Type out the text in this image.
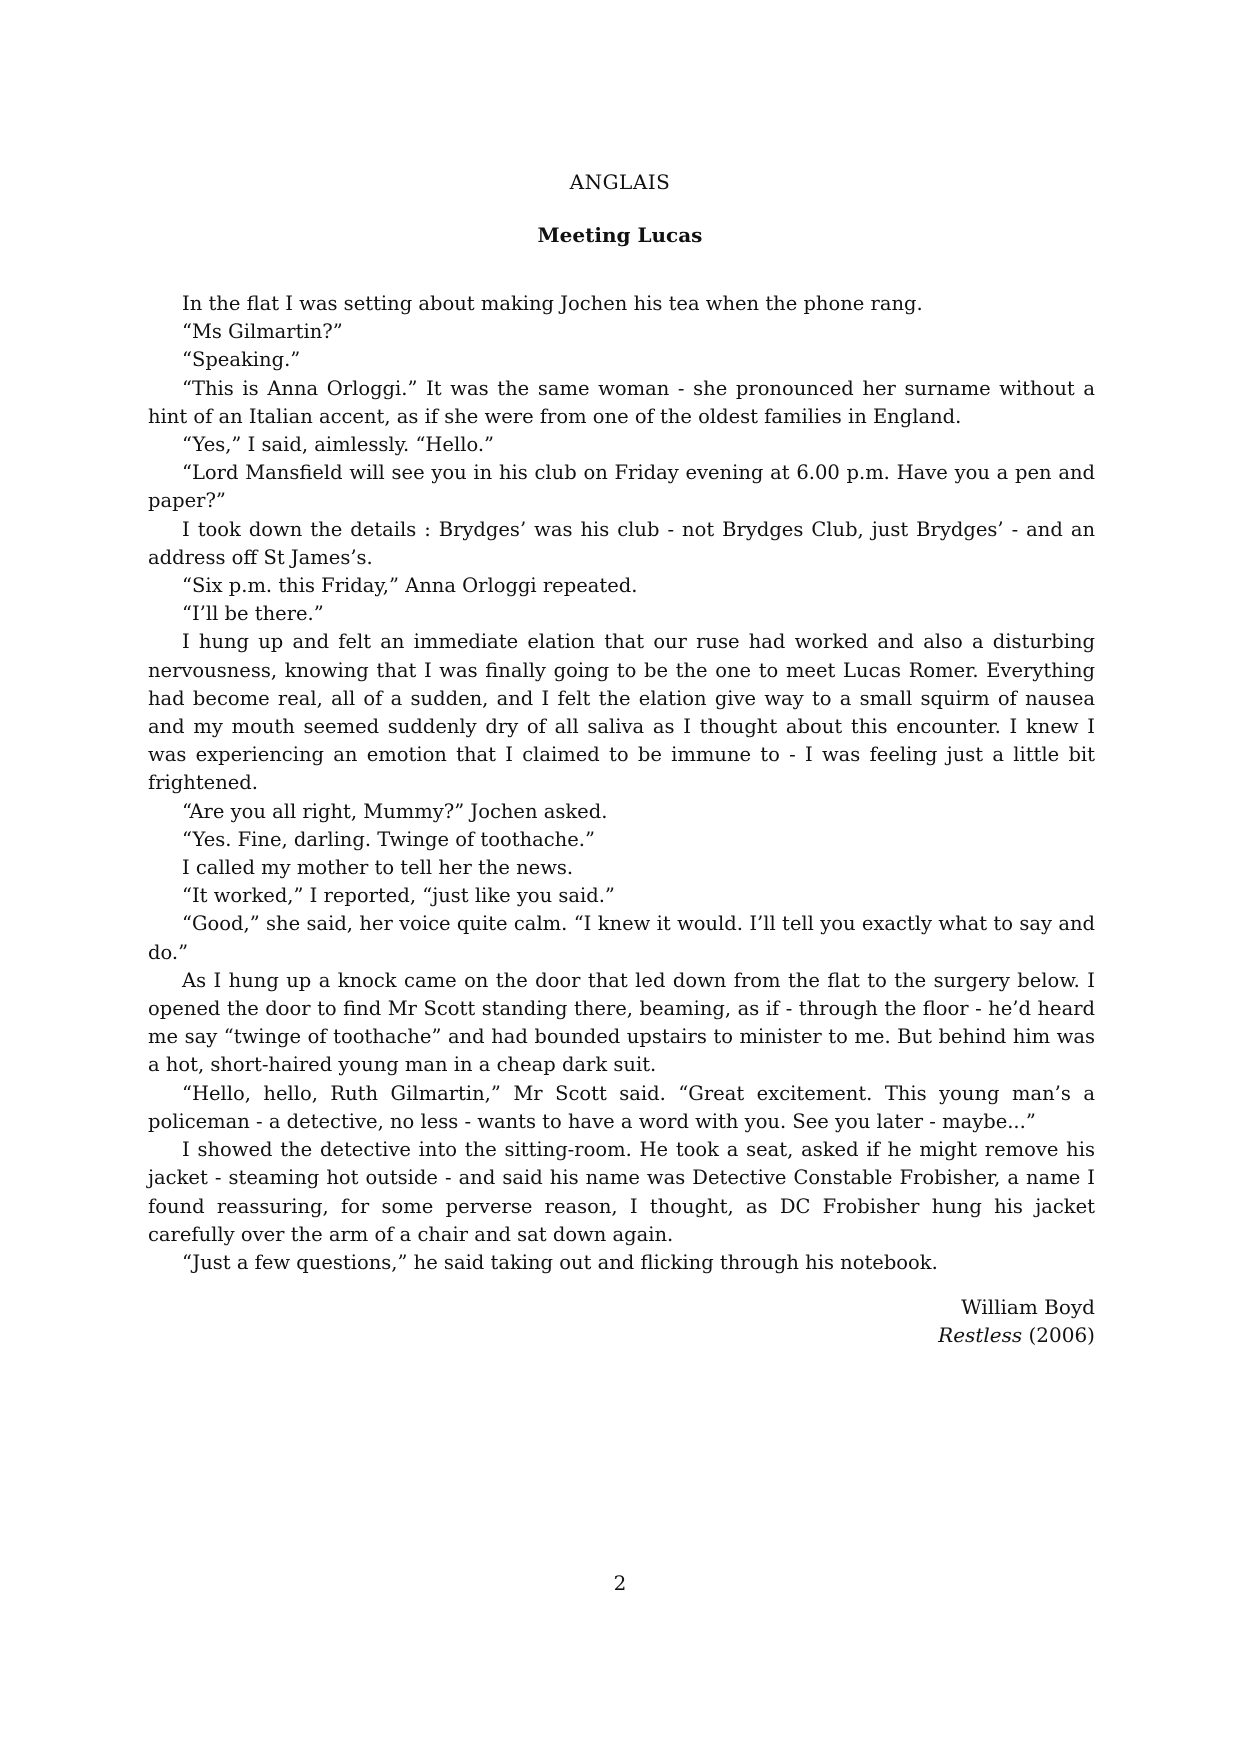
ANGLAIS
Meeting Lucas

In the flat I was setting about making Jochen his tea when the phone rang.

“Ms Gilmartin?”

“Speaking.”

“This is Anna Orloggi.” It was the same woman - she pronounced her surname without a hint of an Italian accent, as if she were from one of the oldest families in England.

“Yes,” I said, aimlessly. “Hello.”

“Lord Mansfield will see you in his club on Friday evening at 6.00 p.m. Have you a pen and paper?”

I took down the details : Brydges’ was his club - not Brydges Club, just Brydges’ - and an address off St James’s.

“Six p.m. this Friday,” Anna Orloggi repeated.

“I’ll be there.”

I hung up and felt an immediate elation that our ruse had worked and also a disturbing nervousness, knowing that I was finally going to be the one to meet Lucas Romer. Everything had become real, all of a sudden, and I felt the elation give way to a small squirm of nausea and my mouth seemed suddenly dry of all saliva as I thought about this encounter. I knew I was experiencing an emotion that I claimed to be immune to - I was feeling just a little bit frightened.

“Are you all right, Mummy?” Jochen asked.

“Yes. Fine, darling. Twinge of toothache.”

I called my mother to tell her the news.

“It worked,” I reported, “just like you said.”

“Good,” she said, her voice quite calm. “I knew it would. I’ll tell you exactly what to say and do.”

As I hung up a knock came on the door that led down from the flat to the surgery below. I opened the door to find Mr Scott standing there, beaming, as if - through the floor - he’d heard me say “twinge of toothache” and had bounded upstairs to minister to me. But behind him was a hot, short-haired young man in a cheap dark suit.

“Hello, hello, Ruth Gilmartin,” Mr Scott said. “Great excitement. This young man’s a policeman - a detective, no less - wants to have a word with you. See you later - maybe...”

I showed the detective into the sitting-room. He took a seat, asked if he might remove his jacket - steaming hot outside - and said his name was Detective Constable Frobisher, a name I found reassuring, for some perverse reason, I thought, as DC Frobisher hung his jacket carefully over the arm of a chair and sat down again.

“Just a few questions,” he said taking out and flicking through his notebook.

William Boyd
Restless (2006)
2
